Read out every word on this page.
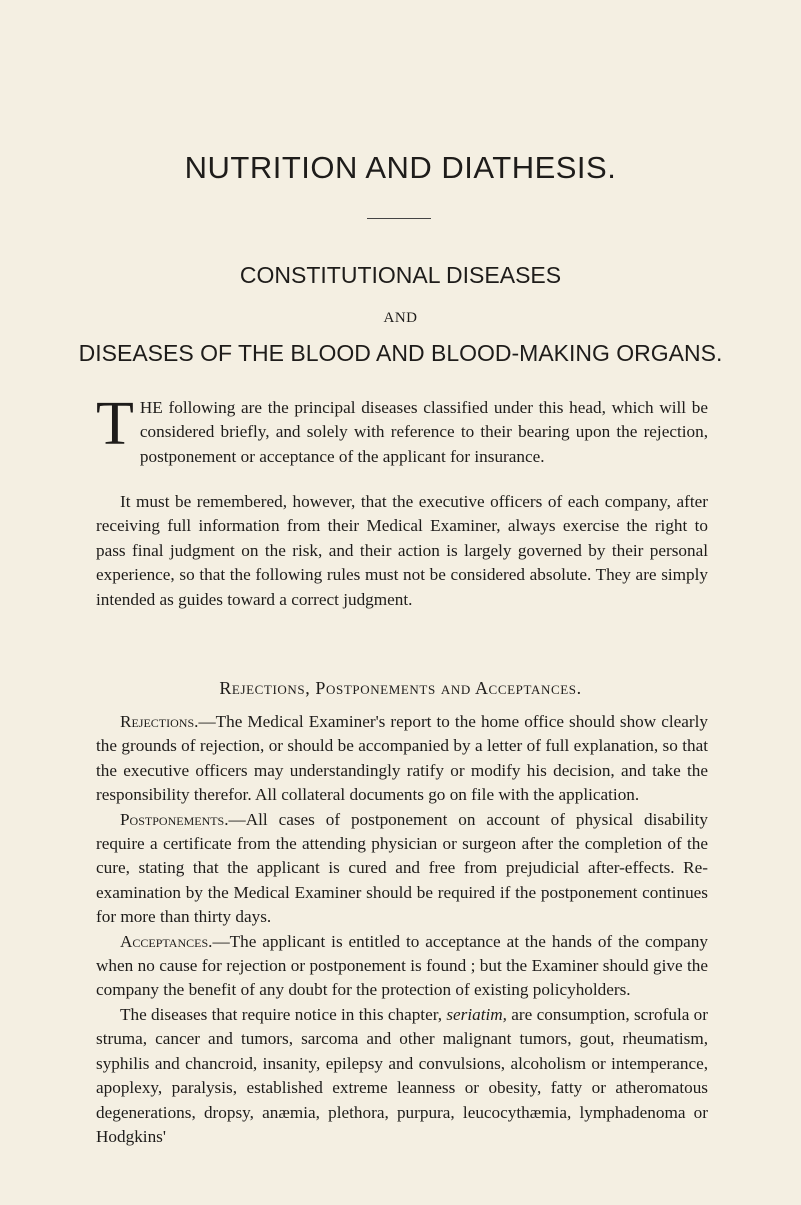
NUTRITION AND DIATHESIS.
CONSTITUTIONAL DISEASES
AND
DISEASES OF THE BLOOD AND BLOOD-MAKING ORGANS.
THE following are the principal diseases classified under this head, which will be considered briefly, and solely with reference to their bearing upon the rejection, postponement or acceptance of the applicant for insurance.

It must be remembered, however, that the executive officers of each company, after receiving full information from their Medical Examiner, always exercise the right to pass final judgment on the risk, and their action is largely governed by their personal experience, so that the following rules must not be considered absolute. They are simply intended as guides toward a correct judgment.

Rejections, Postponements and Acceptances.

Rejections.—The Medical Examiner's report to the home office should show clearly the grounds of rejection, or should be accompanied by a letter of full explanation, so that the executive officers may understandingly ratify or modify his decision, and take the responsibility therefor. All collateral documents go on file with the application.

Postponements.—All cases of postponement on account of physical disability require a certificate from the attending physician or surgeon after the completion of the cure, stating that the applicant is cured and free from prejudicial after-effects. Re-examination by the Medical Examiner should be required if the postponement continues for more than thirty days.

Acceptances.—The applicant is entitled to acceptance at the hands of the company when no cause for rejection or postponement is found ; but the Examiner should give the company the benefit of any doubt for the protection of existing policyholders.

The diseases that require notice in this chapter, seriatim, are consumption, scrofula or struma, cancer and tumors, sarcoma and other malignant tumors, gout, rheumatism, syphilis and chancroid, insanity, epilepsy and convulsions, alcoholism or intemperance, apoplexy, paralysis, established extreme leanness or obesity, fatty or atheromatous degenerations, dropsy, anæmia, plethora, purpura, leucocythæmia, lymphadenoma or Hodgkins'
